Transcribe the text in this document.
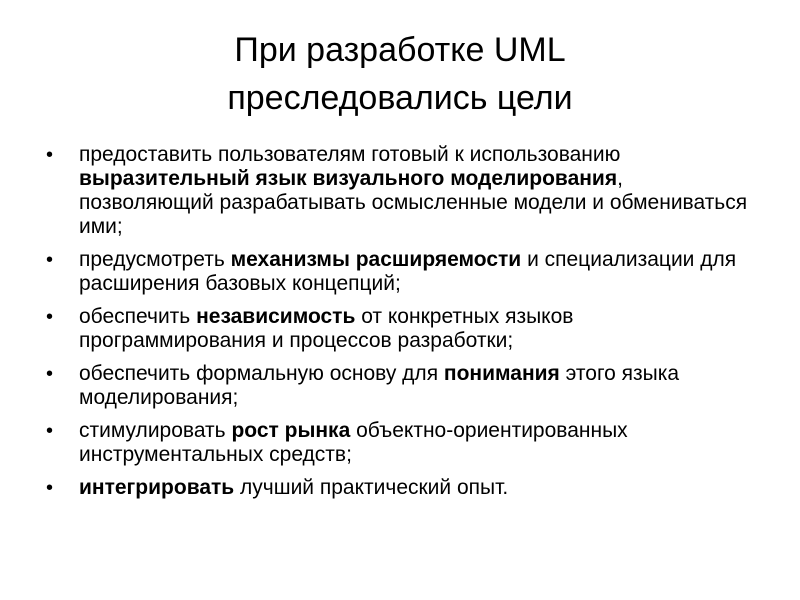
При разработке UML
преследовались цели
•	предоставить пользователям готовый к использованию выразительный язык визуального моделирования, позволяющий разрабатывать осмысленные модели и обмениваться ими;
•	предусмотреть механизмы расширяемости и специализации для расширения базовых концепций;
•	обеспечить независимость от конкретных языков программирования и процессов разработки;
•	обеспечить формальную основу для понимания этого языка моделирования;
•	стимулировать рост рынка объектно-ориентированных инструментальных средств;
•	интегрировать лучший практический опыт.
